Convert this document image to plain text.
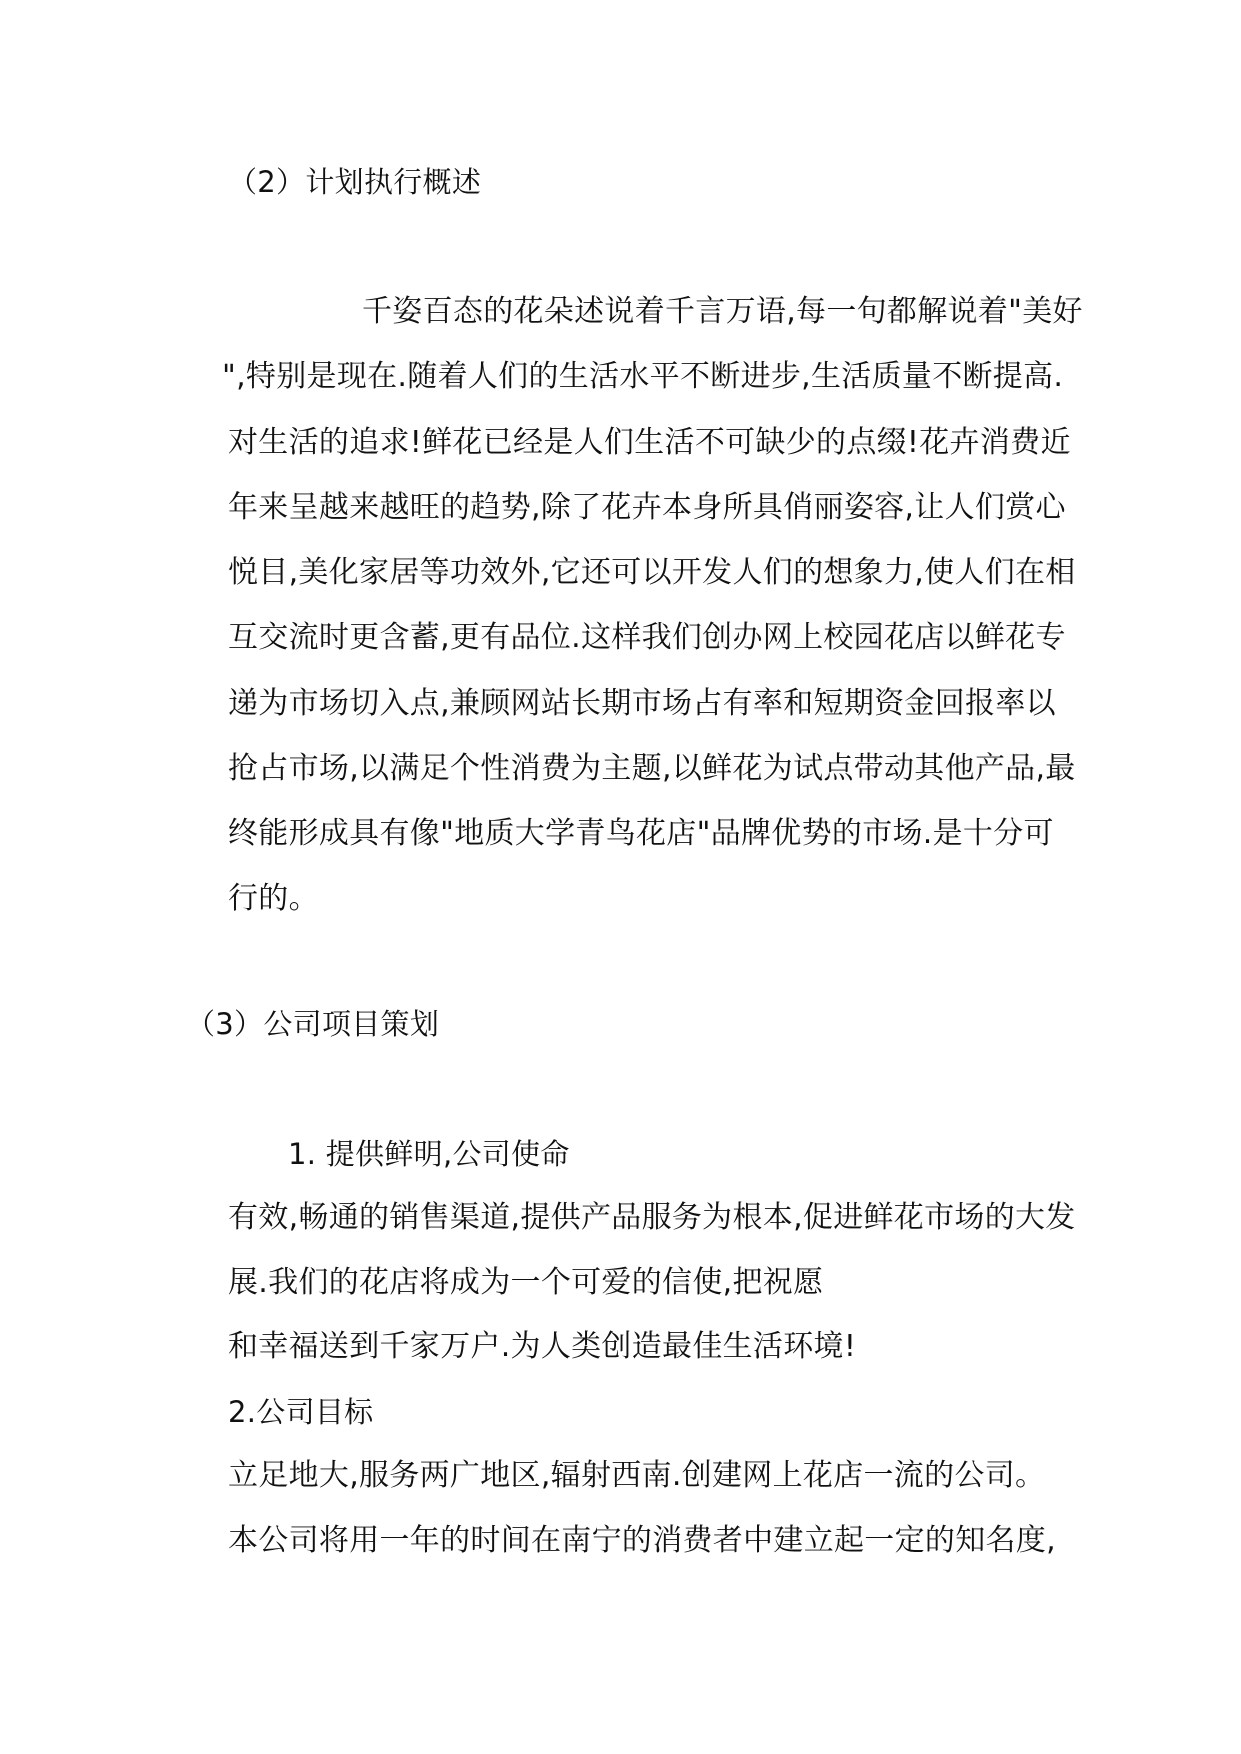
（2）计划执行概述
千姿百态的花朵述说着千言万语,每一句都解说着"美好
",特别是现在.随着人们的生活水平不断进步,生活质量不断提高.
对生活的追求!鲜花已经是人们生活不可缺少的点缀!花卉消费近
年来呈越来越旺的趋势,除了花卉本身所具俏丽姿容,让人们赏心
悦目,美化家居等功效外,它还可以开发人们的想象力,使人们在相
互交流时更含蓄,更有品位.这样我们创办网上校园花店以鲜花专
递为市场切入点,兼顾网站长期市场占有率和短期资金回报率以
抢占市场,以满足个性消费为主题,以鲜花为试点带动其他产品,最
终能形成具有像"地质大学青鸟花店"品牌优势的市场.是十分可
行的。
（3）公司项目策划
1. 提供鲜明,公司使命
有效,畅通的销售渠道,提供产品服务为根本,促进鲜花市场的大发
展.我们的花店将成为一个可爱的信使,把祝愿
和幸福送到千家万户.为人类创造最佳生活环境!
2.公司目标
立足地大,服务两广地区,辐射西南.创建网上花店一流的公司。
本公司将用一年的时间在南宁的消费者中建立起一定的知名度,
